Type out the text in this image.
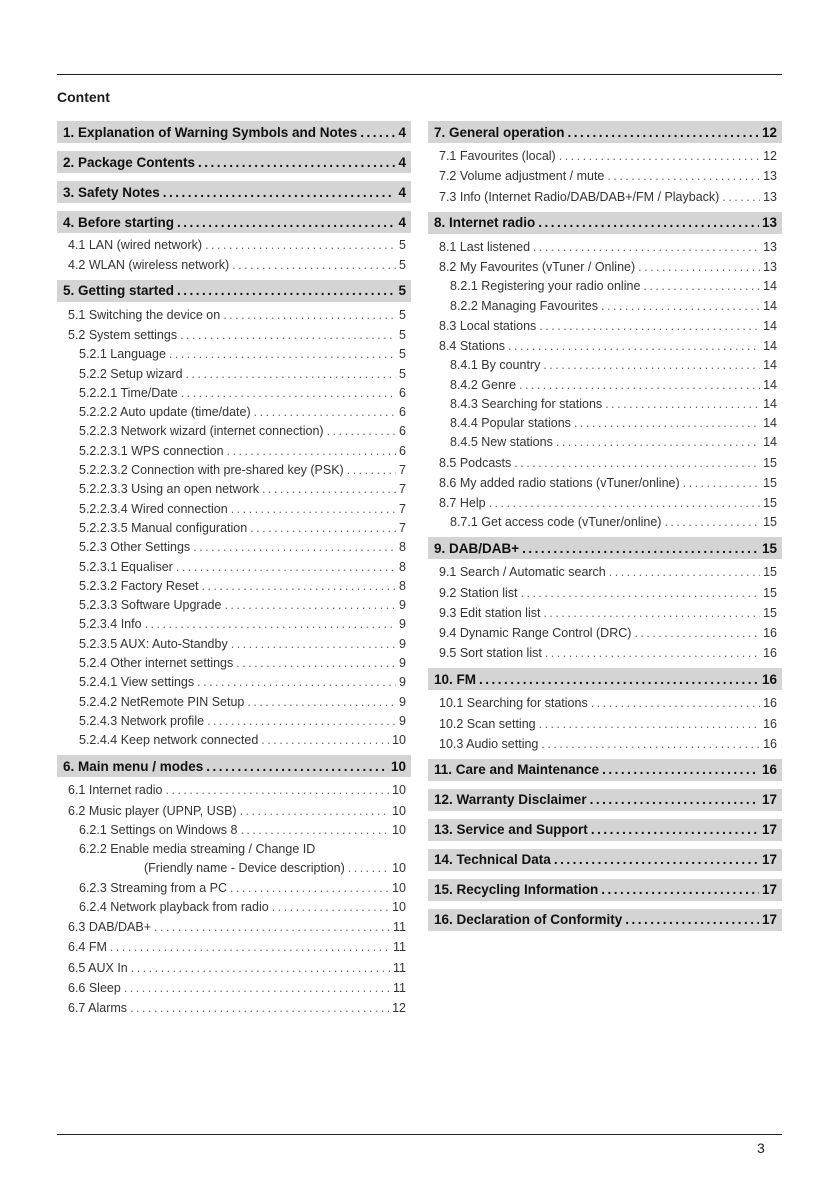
Content
1. Explanation of Warning Symbols and Notes .....	4
2. Package Contents .....	4
3. Safety Notes .....	4
4. Before starting .....	4
4.1 LAN (wired network) .....	5
4.2 WLAN (wireless network) .....	5
5. Getting started .....	5
5.1 Switching the device on .....	5
5.2 System settings .....	5
5.2.1 Language .....	5
5.2.2 Setup wizard .....	5
5.2.2.1 Time/Date .....	6
5.2.2.2 Auto update (time/date) .....	6
5.2.2.3 Network wizard (internet connection) .....	6
5.2.2.3.1 WPS connection .....	6
5.2.2.3.2 Connection with pre-shared key (PSK) .....	7
5.2.2.3.3 Using an open network .....	7
5.2.2.3.4 Wired connection .....	7
5.2.2.3.5 Manual configuration .....	7
5.2.3 Other Settings .....	8
5.2.3.1 Equaliser .....	8
5.2.3.2 Factory Reset .....	8
5.2.3.3 Software Upgrade .....	9
5.2.3.4 Info .....	9
5.2.3.5 AUX: Auto-Standby .....	9
5.2.4 Other internet settings .....	9
5.2.4.1 View settings .....	9
5.2.4.2 NetRemote PIN Setup .....	9
5.2.4.3 Network profile .....	9
5.2.4.4 Keep network connected .....	10
6. Main menu / modes .....	10
6.1 Internet radio .....	10
6.2 Music player (UPNP, USB) .....	10
6.2.1 Settings on Windows 8 .....	10
6.2.2 Enable media streaming / Change ID
(Friendly name - Device description) .....	10
6.2.3 Streaming from a PC .....	10
6.2.4 Network playback from radio .....	10
6.3 DAB/DAB+ .....	11
6.4 FM .....	11
6.5 AUX In .....	11
6.6 Sleep .....	11
6.7 Alarms .....	12
7. General operation .....	12
7.1 Favourites (local) .....	12
7.2 Volume adjustment / mute .....	13
7.3 Info (Internet Radio/DAB/DAB+/FM / Playback) .....	13
8. Internet radio .....	13
8.1 Last listened .....	13
8.2 My Favourites (vTuner / Online) .....	13
8.2.1 Registering your radio online .....	14
8.2.2 Managing Favourites .....	14
8.3 Local stations .....	14
8.4 Stations .....	14
8.4.1 By country .....	14
8.4.2 Genre .....	14
8.4.3 Searching for stations .....	14
8.4.4 Popular stations .....	14
8.4.5 New stations .....	14
8.5 Podcasts .....	15
8.6 My added radio stations (vTuner/online) .....	15
8.7 Help .....	15
8.7.1 Get access code (vTuner/online) .....	15
9. DAB/DAB+ .....	15
9.1 Search / Automatic search .....	15
9.2 Station list .....	15
9.3 Edit station list .....	15
9.4 Dynamic Range Control (DRC) .....	16
9.5 Sort station list .....	16
10. FM .....	16
10.1 Searching for stations .....	16
10.2 Scan setting .....	16
10.3 Audio setting .....	16
11. Care and Maintenance .....	16
12. Warranty Disclaimer .....	17
13. Service and Support .....	17
14. Technical Data .....	17
15. Recycling Information .....	17
16. Declaration of Conformity .....	17
3
